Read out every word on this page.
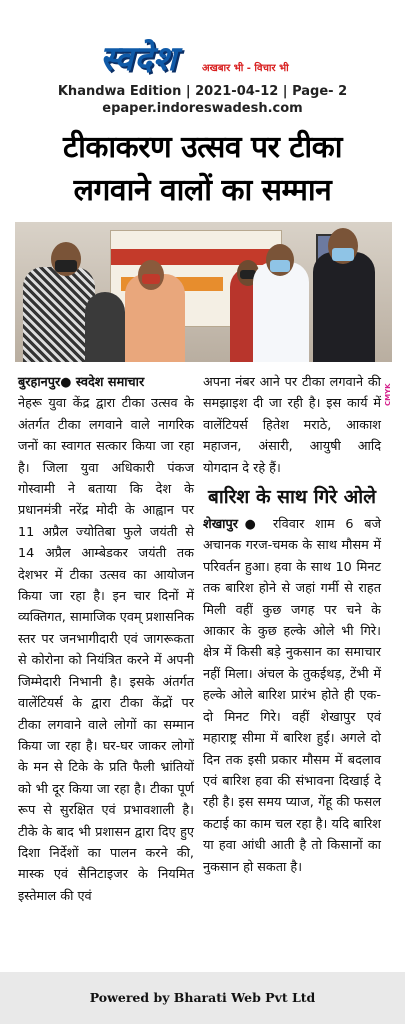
स्वदेश अखबार भी - विचार भी
Khandwa Edition | 2021-04-12 | Page- 2
epaper.indoreswadesh.com
टीकाकरण उत्सव पर टीका
लगवाने वालों का सम्मान
CMYK
बुरहानपुर● स्वदेश समाचार
नेहरू युवा केंद्र द्वारा टीका उत्सव के अंतर्गत टीका लगवाने वाले नागरिक जनों का स्वागत सत्कार किया जा रहा है। जिला युवा अधिकारी पंकज गोस्वामी ने बताया कि देश के प्रधानमंत्री नरेंद्र मोदी के आह्वान पर 11 अप्रैल ज्योतिबा फुले जयंती से 14 अप्रैल आम्बेडकर जयंती तक देशभर में टीका उत्सव का आयोजन किया जा रहा है। इन चार दिनों में व्यक्तिगत, सामाजिक एवम् प्रशासनिक स्तर पर जनभागीदारी एवं जागरूकता से कोरोना को नियंत्रित करने में अपनी जिम्मेदारी निभानी है। इसके अंतर्गत वालेंटियर्स के द्वारा टीका केंद्रों पर टीका लगवाने वाले लोगों का सम्मान किया जा रहा है। घर-घर जाकर लोगों के मन से टिके के प्रति फैली भ्रांतियों को भी दूर किया जा रहा है। टीका पूर्ण रूप से सुरक्षित एवं प्रभावशाली है। टीके के बाद भी प्रशासन द्वारा दिए हुए दिशा निर्देशों का पालन करने की, मास्क एवं सैनिटाइजर के नियमित इस्तेमाल की एवं
अपना नंबर आने पर टीका लगवाने की समझाइश दी जा रही है। इस कार्य में वालेंटियर्स हितेश मराठे, आकाश महाजन, अंसारी, आयुषी आदि योगदान दे रहे हैं।
बारिश के साथ गिरे ओले
शेखापुर● रविवार शाम 6 बजे अचानक गरज-चमक के साथ मौसम में परिवर्तन हुआ। हवा के साथ 10 मिनट तक बारिश होने से जहां गर्मी से राहत मिली वहीं कुछ जगह पर चने के आकार के कुछ हल्के ओले भी गिरे। क्षेत्र में किसी बड़े नुकसान का समाचार नहीं मिला। अंचल के तुकईथड़, टेंभी में हल्के ओले बारिश प्रारंभ होते ही एक-दो मिनट गिरे। वहीं शेखापुर एवं महाराष्ट्र सीमा में बारिश हुई। अगले दो दिन तक इसी प्रकार मौसम में बदलाव एवं बारिश हवा की संभावना दिखाई दे रही है। इस समय प्याज, गेंहू की फसल कटाई का काम चल रहा है। यदि बारिश या हवा आंधी आती है तो किसानों का नुकसान हो सकता है।
Powered by Bharati Web Pvt Ltd
